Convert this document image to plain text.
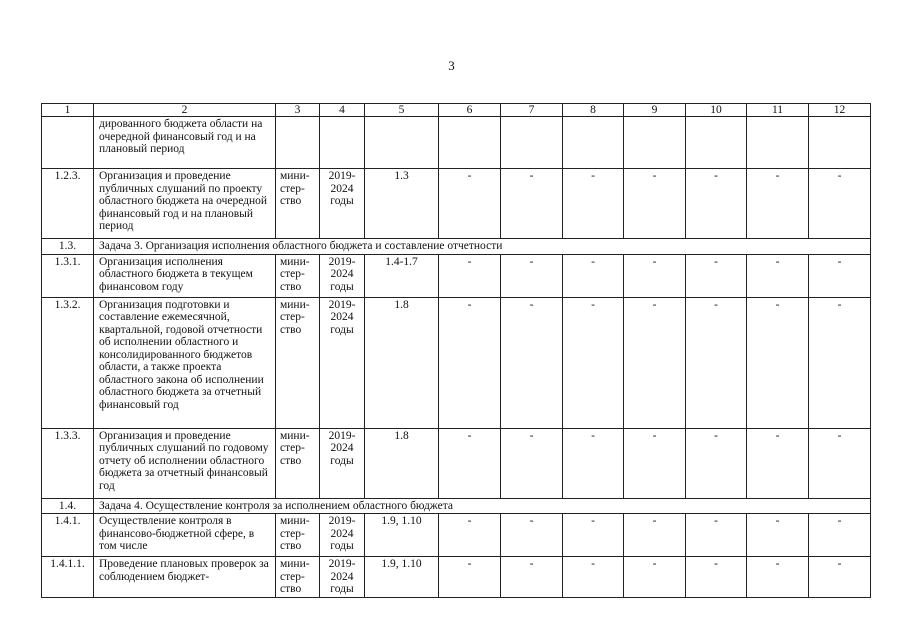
3
1	2	3	4	5	6	7	8	9	10	11	12
	дированного бюджета области на очередной финансовый год и на плановый период										
1.2.3.	Организация и проведение публичных слушаний по проекту областного бюджета на очередной финансовый год и на плановый период	мини-стер-ство	2019-2024 годы	1.3	-	-	-	-	-	-	-
1.3.	Задача 3. Организация исполнения областного бюджета и составление отчетности										
1.3.1.	Организация исполнения областного бюджета в текущем финансовом году	мини-стер-ство	2019-2024 годы	1.4-1.7	-	-	-	-	-	-	-
1.3.2.	Организация подготовки и составление ежемесячной, квартальной, годовой отчетности об исполнении областного и консолидированного бюджетов области, а также проекта областного закона об исполнении областного бюджета за отчетный финансовый год	мини-стер-ство	2019-2024 годы	1.8	-	-	-	-	-	-	-
1.3.3.	Организация и проведение публичных слушаний по годовому отчету об исполнении областного бюджета за отчетный финансовый год	мини-стер-ство	2019-2024 годы	1.8	-	-	-	-	-	-	-
1.4.	Задача 4. Осуществление контроля за исполнением областного бюджета										
1.4.1.	Осуществление контроля в финансово-бюджетной сфере, в том числе	мини-стер-ство	2019-2024 годы	1.9, 1.10	-	-	-	-	-	-	-
1.4.1.1.	Проведение плановых проверок за соблюдением бюджет-	мини-стер-ство	2019-2024 годы	1.9, 1.10	-	-	-	-	-	-	-
